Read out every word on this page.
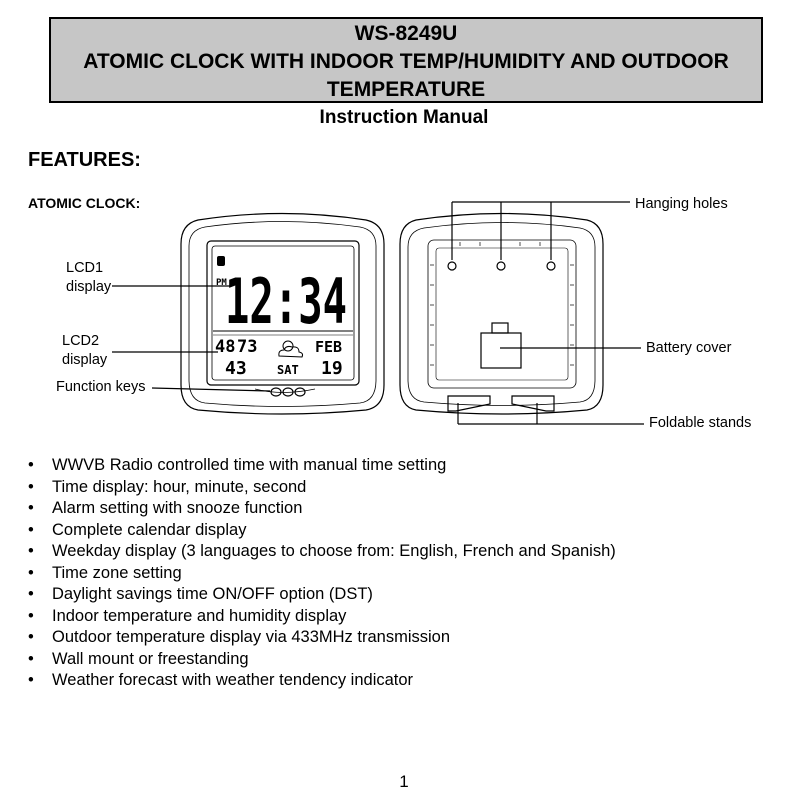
WS-8249U
ATOMIC CLOCK WITH INDOOR TEMP/HUMIDITY AND OUTDOOR
TEMPERATURE
Instruction Manual
FEATURES:
ATOMIC CLOCK:
12:34
PM
48 73
43	SAT
FEB
19
LCD1
display
LCD2
display
Function keys
Hanging holes
Battery cover
Foldable stands
• WWVB Radio controlled time with manual time setting
• Time display: hour, minute, second
• Alarm setting with snooze function
• Complete calendar display
• Weekday display (3 languages to choose from: English, French and Spanish)
• Time zone setting
• Daylight savings time ON/OFF option (DST)
• Indoor temperature and humidity display
• Outdoor temperature display via 433MHz transmission
• Wall mount or freestanding
• Weather forecast with weather tendency indicator
1
